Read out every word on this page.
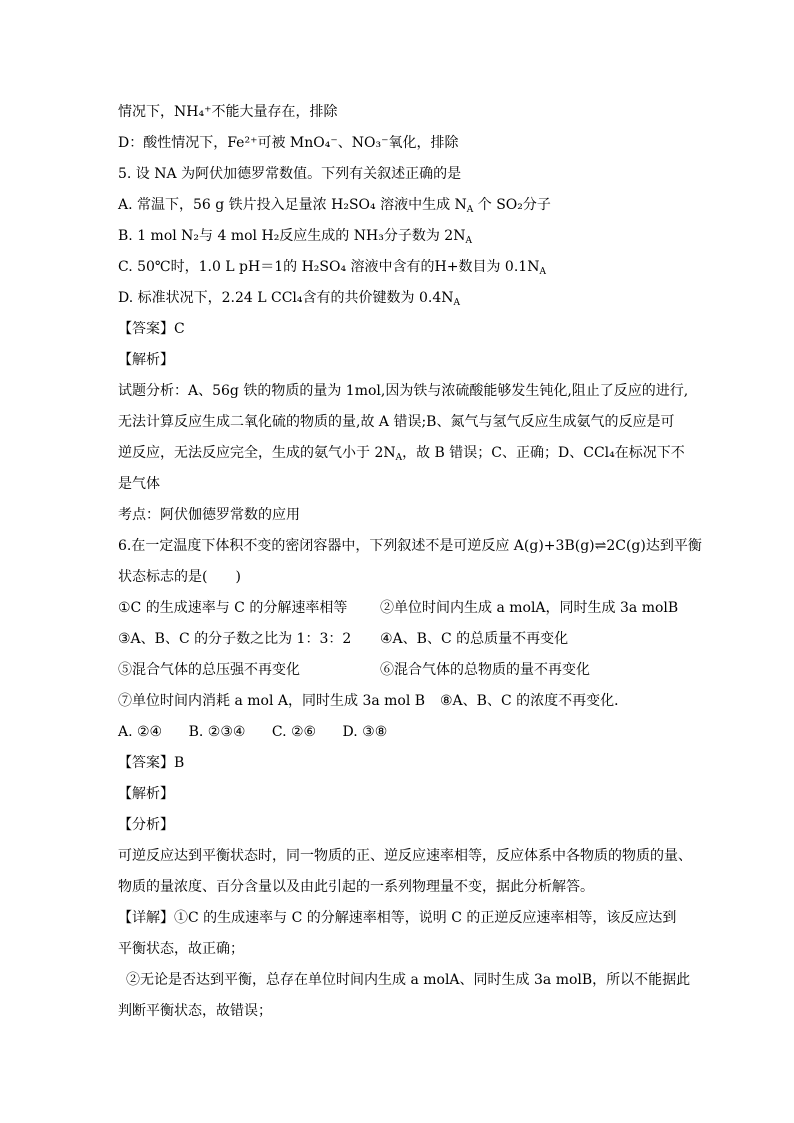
情况下，NH₄⁺不能大量存在，排除
D：酸性情况下，Fe²⁺可被 MnO₄⁻、NO₃⁻氧化，排除
5. 设 NA 为阿伏加德罗常数值。下列有关叙述正确的是
A. 常温下，56 g 铁片投入足量浓 H₂SO₄ 溶液中生成 $N_A$ 个 SO₂分子
B. 1 mol N₂与 4 mol H₂反应生成的 NH₃分子数为 $2N_A$
C. 50℃时，1.0 L pH＝1的 H₂SO₄ 溶液中含有的H+数目为 $0.1N_A$
D. 标准状况下，2.24 L CCl₄含有的共价键数为 $0.4N_A$
【答案】C
【解析】
试题分析：A、56g 铁的物质的量为 1mol,因为铁与浓硫酸能够发生钝化,阻止了反应的进行,
无法计算反应生成二氧化硫的物质的量,故 A 错误;B、氮气与氢气反应生成氨气的反应是可
逆反应，无法反应完全，生成的氨气小于 $2N_A$，故 B 错误；C、正确；D、CCl₄在标况下不
是气体
考点：阿伏伽德罗常数的应用
6.在一定温度下体积不变的密闭容器中，下列叙述不是可逆反应 A(g)+3B(g)⇌2C(g)达到平衡
状态标志的是(　　)
①C 的生成速率与 C 的分解速率相等	②单位时间内生成 a molA，同时生成 3a molB
③A、B、C 的分子数之比为 1：3：2	④A、B、C 的总质量不再变化
⑤混合气体的总压强不再变化	⑥混合气体的总物质的量不再变化
⑦单位时间内消耗 a mol A，同时生成 3a mol B	⑧A、B、C 的浓度不再变化．
A. ②④ B. ②③④ C. ②⑥ D. ③⑧
【答案】B
【解析】
【分析】
可逆反应达到平衡状态时，同一物质的正、逆反应速率相等，反应体系中各物质的物质的量、
物质的量浓度、百分含量以及由此引起的一系列物理量不变，据此分析解答。
【详解】①C 的生成速率与 C 的分解速率相等，说明 C 的正逆反应速率相等，该反应达到
平衡状态，故正确；
②无论是否达到平衡，总存在单位时间内生成 a molA、同时生成 3a molB，所以不能据此
判断平衡状态，故错误；
